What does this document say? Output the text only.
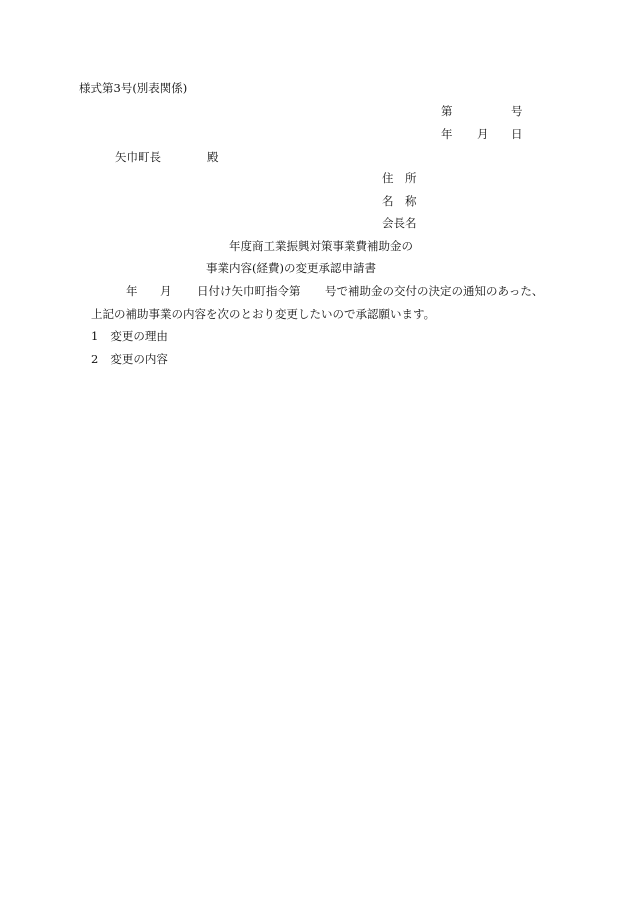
様式第3号(別表関係)
第	号
年 月 日
矢巾町長	殿
住　所
名　称
会長名
年度商工業振興対策事業費補助金の
事業内容(経費)の変更承認申請書
年 月 日付け矢巾町指令第 号で補助金の交付の決定の通知のあった、
上記の補助事業の内容を次のとおり変更したいので承認願います。
1 変更の理由
2 変更の内容
